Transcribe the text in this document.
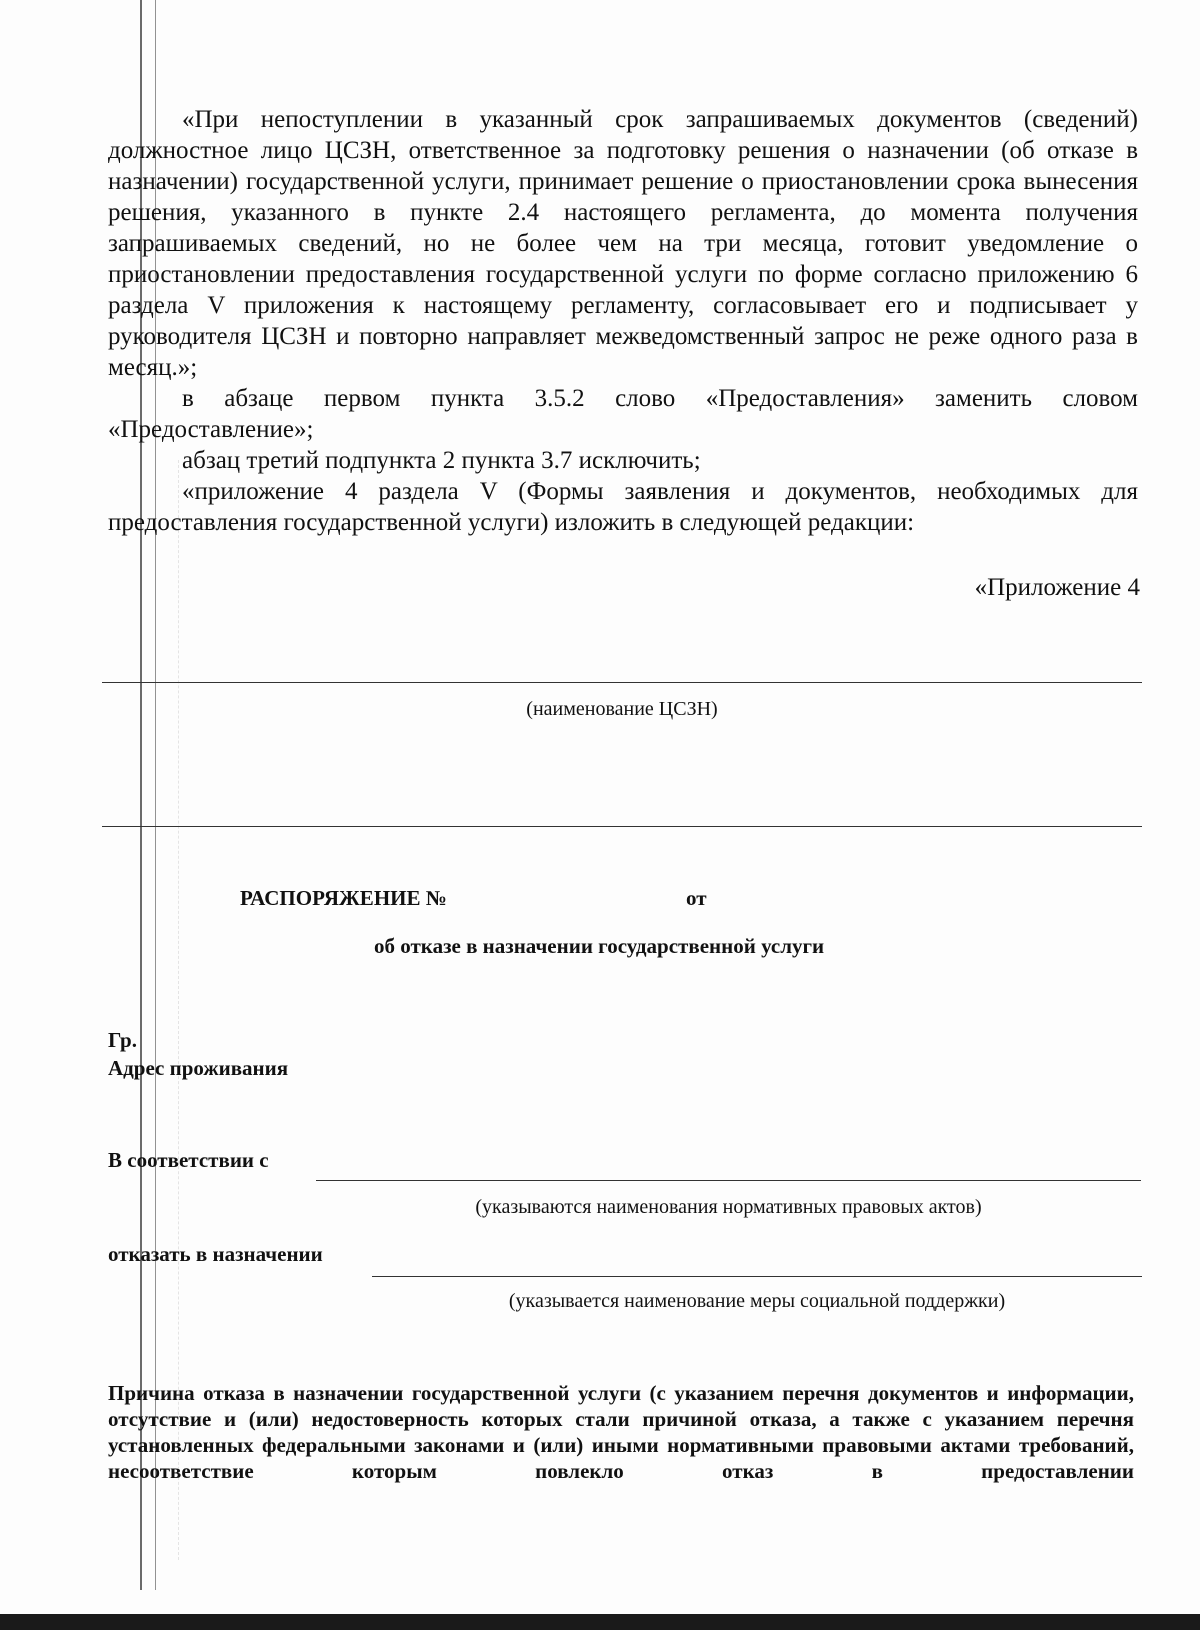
«При непоступлении в указанный срок запрашиваемых документов (сведений) должностное лицо ЦСЗН, ответственное за подготовку решения о назначении (об отказе в назначении) государственной услуги, принимает решение о приостановлении срока вынесения решения, указанного в пункте 2.4 настоящего регламента, до момента получения запрашиваемых сведений, но не более чем на три месяца, готовит уведомление о приостановлении предоставления государственной услуги по форме согласно приложению 6 раздела V приложения к настоящему регламенту, согласовывает его и подписывает у руководителя ЦСЗН и повторно направляет межведомственный запрос не реже одного раза в месяц.»;

в абзаце первом пункта 3.5.2 слово «Предоставления» заменить словом «Предоставление»;

абзац третий подпункта 2 пункта 3.7 исключить;

«приложение 4 раздела V (Формы заявления и документов, необходимых для предоставления государственной услуги) изложить в следующей редакции:

«Приложение 4
(наименование ЦСЗН)
РАСПОРЯЖЕНИЕ №	от
об отказе в назначении государственной услуги
Гр.
Адрес проживания
В соответствии с
(указываются наименования нормативных правовых актов)
отказать в назначении
(указывается наименование меры социальной поддержки)
Причина отказа в назначении государственной услуги (с указанием перечня документов и информации, отсутствие и (или) недостоверность которых стали причиной отказа, а также с указанием перечня установленных федеральными законами и (или) иными нормативными правовыми актами требований, несоответствие которым повлекло отказ в предоставлении
